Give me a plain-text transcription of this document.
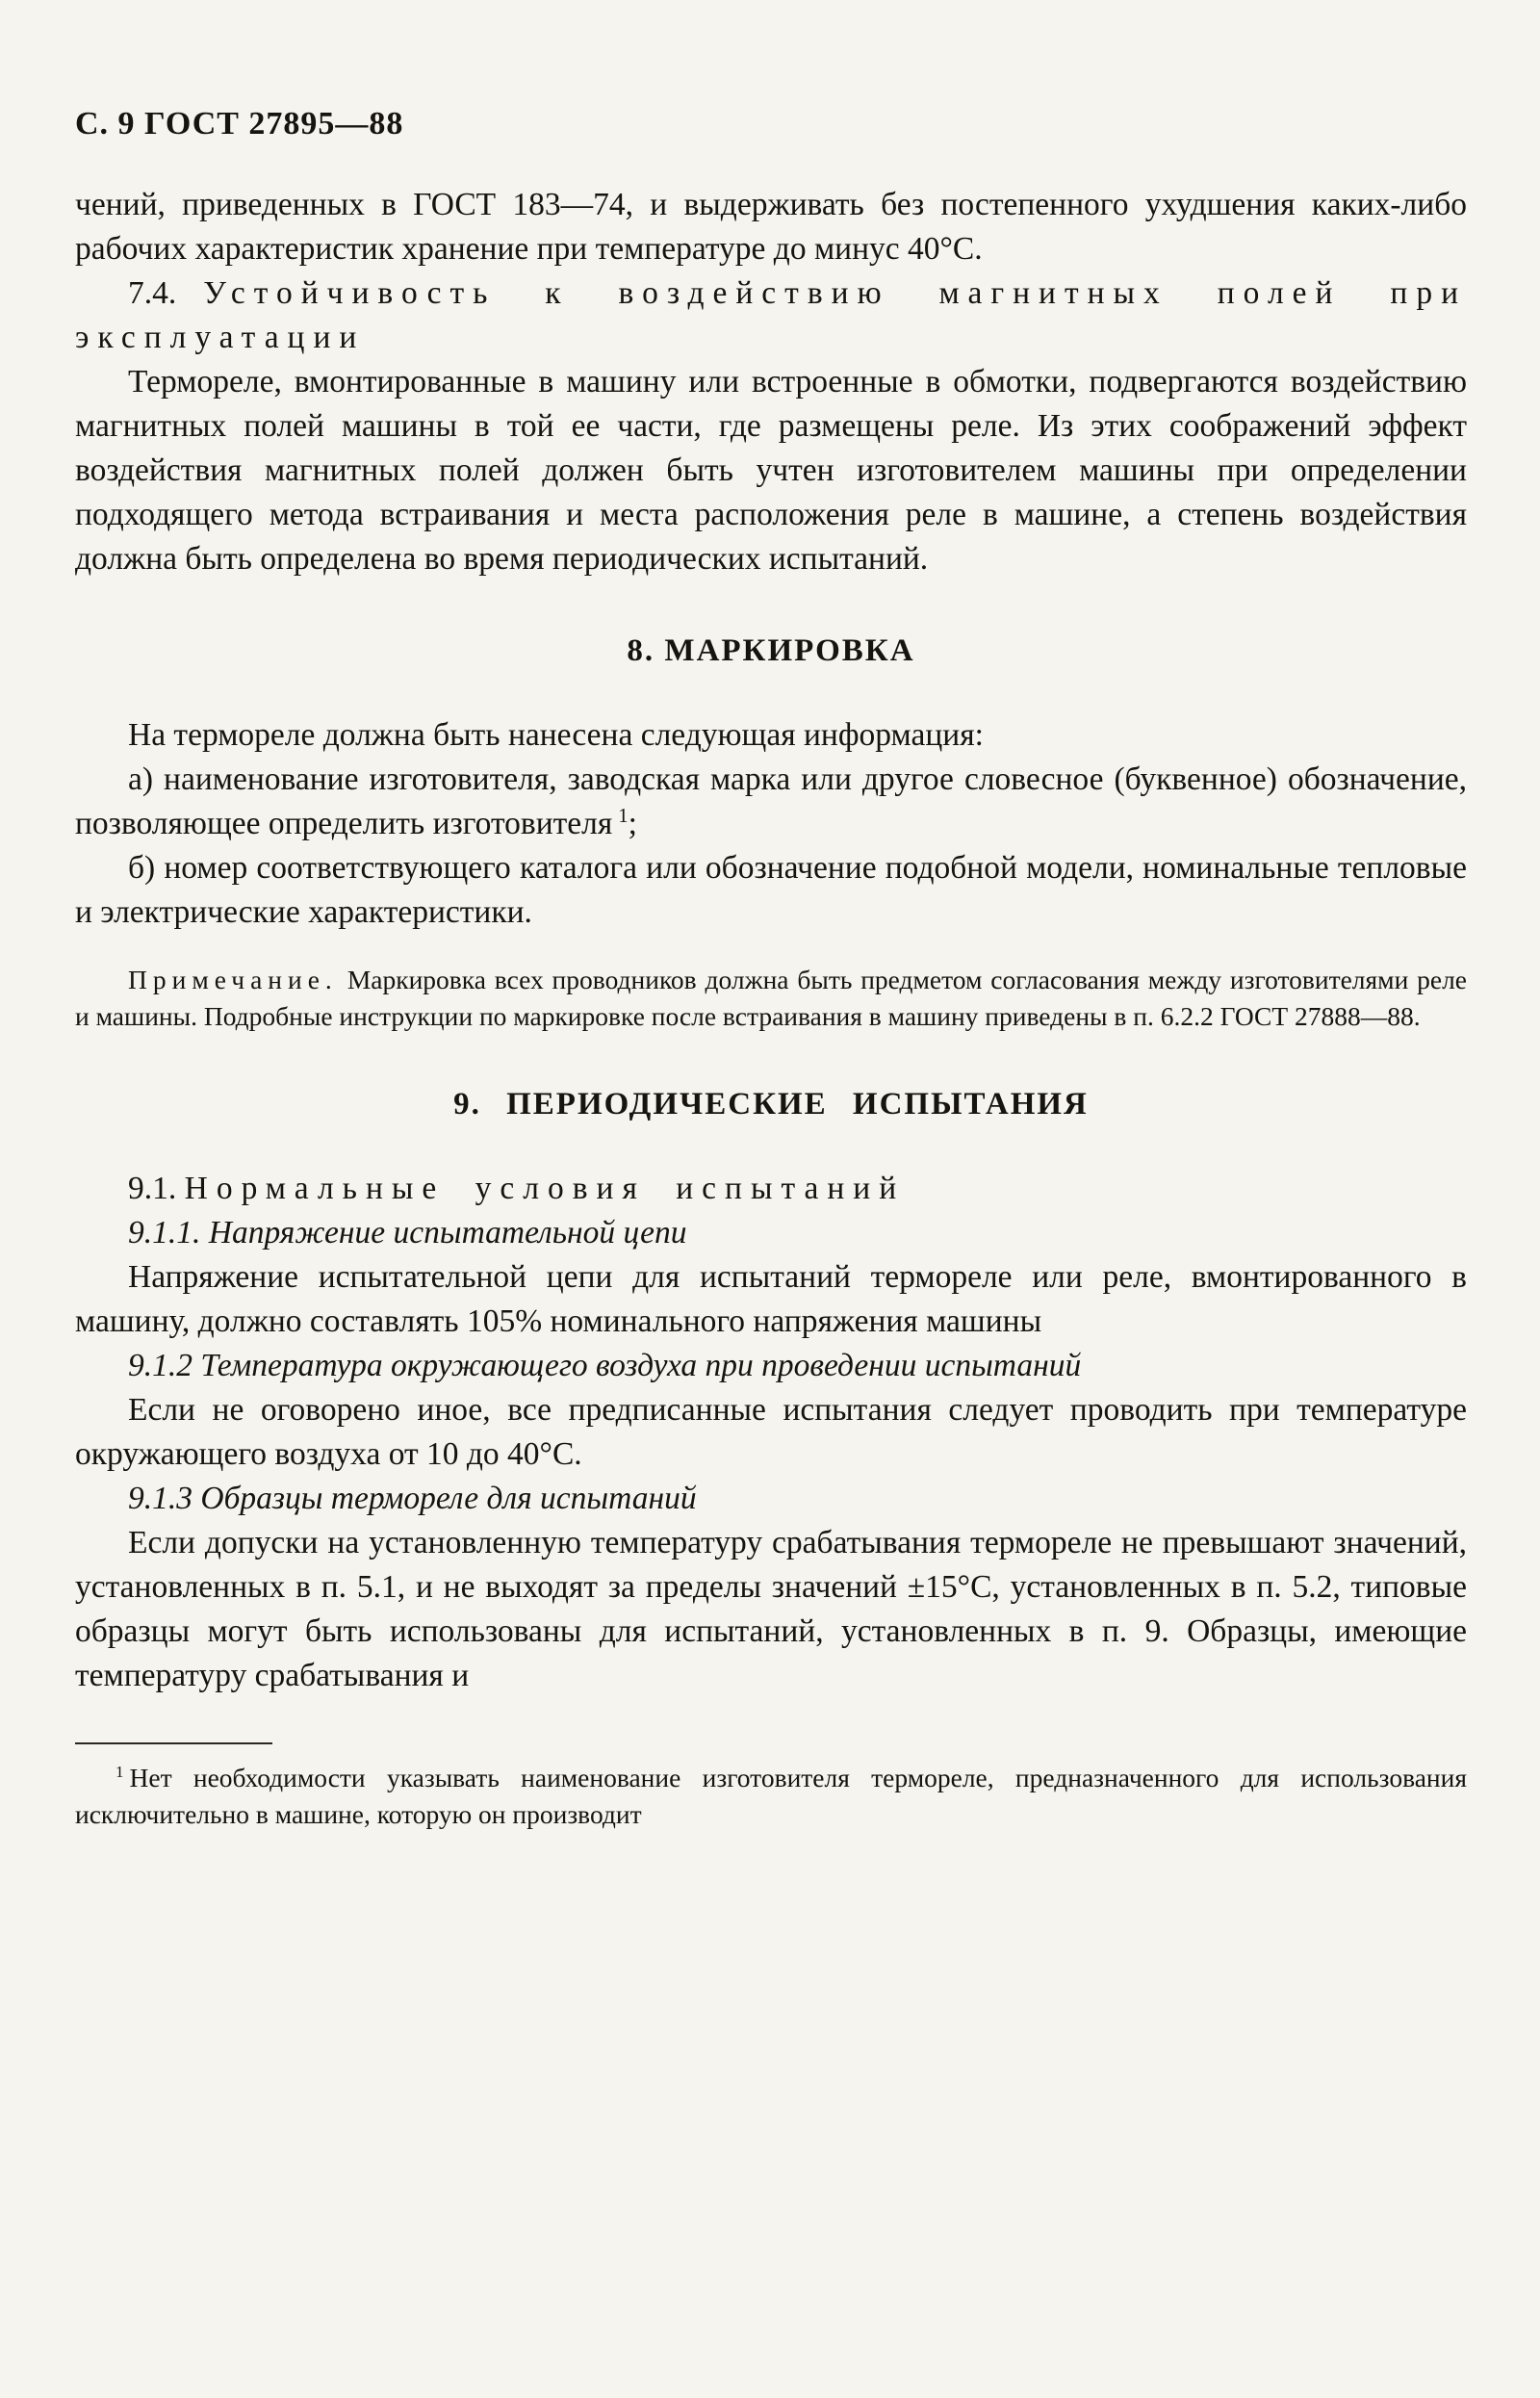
С. 9 ГОСТ 27895—88

чений, приведенных в ГОСТ 183—74, и выдерживать без постепенного ухудшения каких-либо рабочих характеристик хранение при температуре до минус 40°С.

7.4. Устойчивость к воздействию магнитных полей при эксплуатации

Термореле, вмонтированные в машину или встроенные в обмотки, подвергаются воздействию магнитных полей машины в той ее части, где размещены реле. Из этих соображений эффект воздействия магнитных полей должен быть учтен изготовителем машины при определении подходящего метода встраивания и места расположения реле в машине, а степень воздействия должна быть определена во время периодических испытаний.

8. МАРКИРОВКА

На термореле должна быть нанесена следующая информация:

а) наименование изготовителя, заводская марка или другое словесное (буквенное) обозначение, позволяющее определить изготовителя $^1$;

б) номер соответствующего каталога или обозначение подобной модели, номинальные тепловые и электрические характеристики.

Примечание. Маркировка всех проводников должна быть предметом согласования между изготовителями реле и машины. Подробные инструкции по маркировке после встраивания в машину приведены в п. 6.2.2 ГОСТ 27888—88.

9. ПЕРИОДИЧЕСКИЕ ИСПЫТАНИЯ

9.1. Нормальные условия испытаний

9.1.1. Напряжение испытательной цепи

Напряжение испытательной цепи для испытаний термореле или реле, вмонтированного в машину, должно составлять 105% номинального напряжения машины

9.1.2 Температура окружающего воздуха при проведении испытаний

Если не оговорено иное, все предписанные испытания следует проводить при температуре окружающего воздуха от 10 до 40°С.

9.1.3 Образцы термореле для испытаний

Если допуски на установленную температуру срабатывания термореле не превышают значений, установленных в п. 5.1, и не выходят за пределы значений ±15°С, установленных в п. 5.2, типовые образцы могут быть использованы для испытаний, установленных в п. 9. Образцы, имеющие температуру срабатывания и

$^1$ Нет необходимости указывать наименование изготовителя термореле, предназначенного для использования исключительно в машине, которую он производит
